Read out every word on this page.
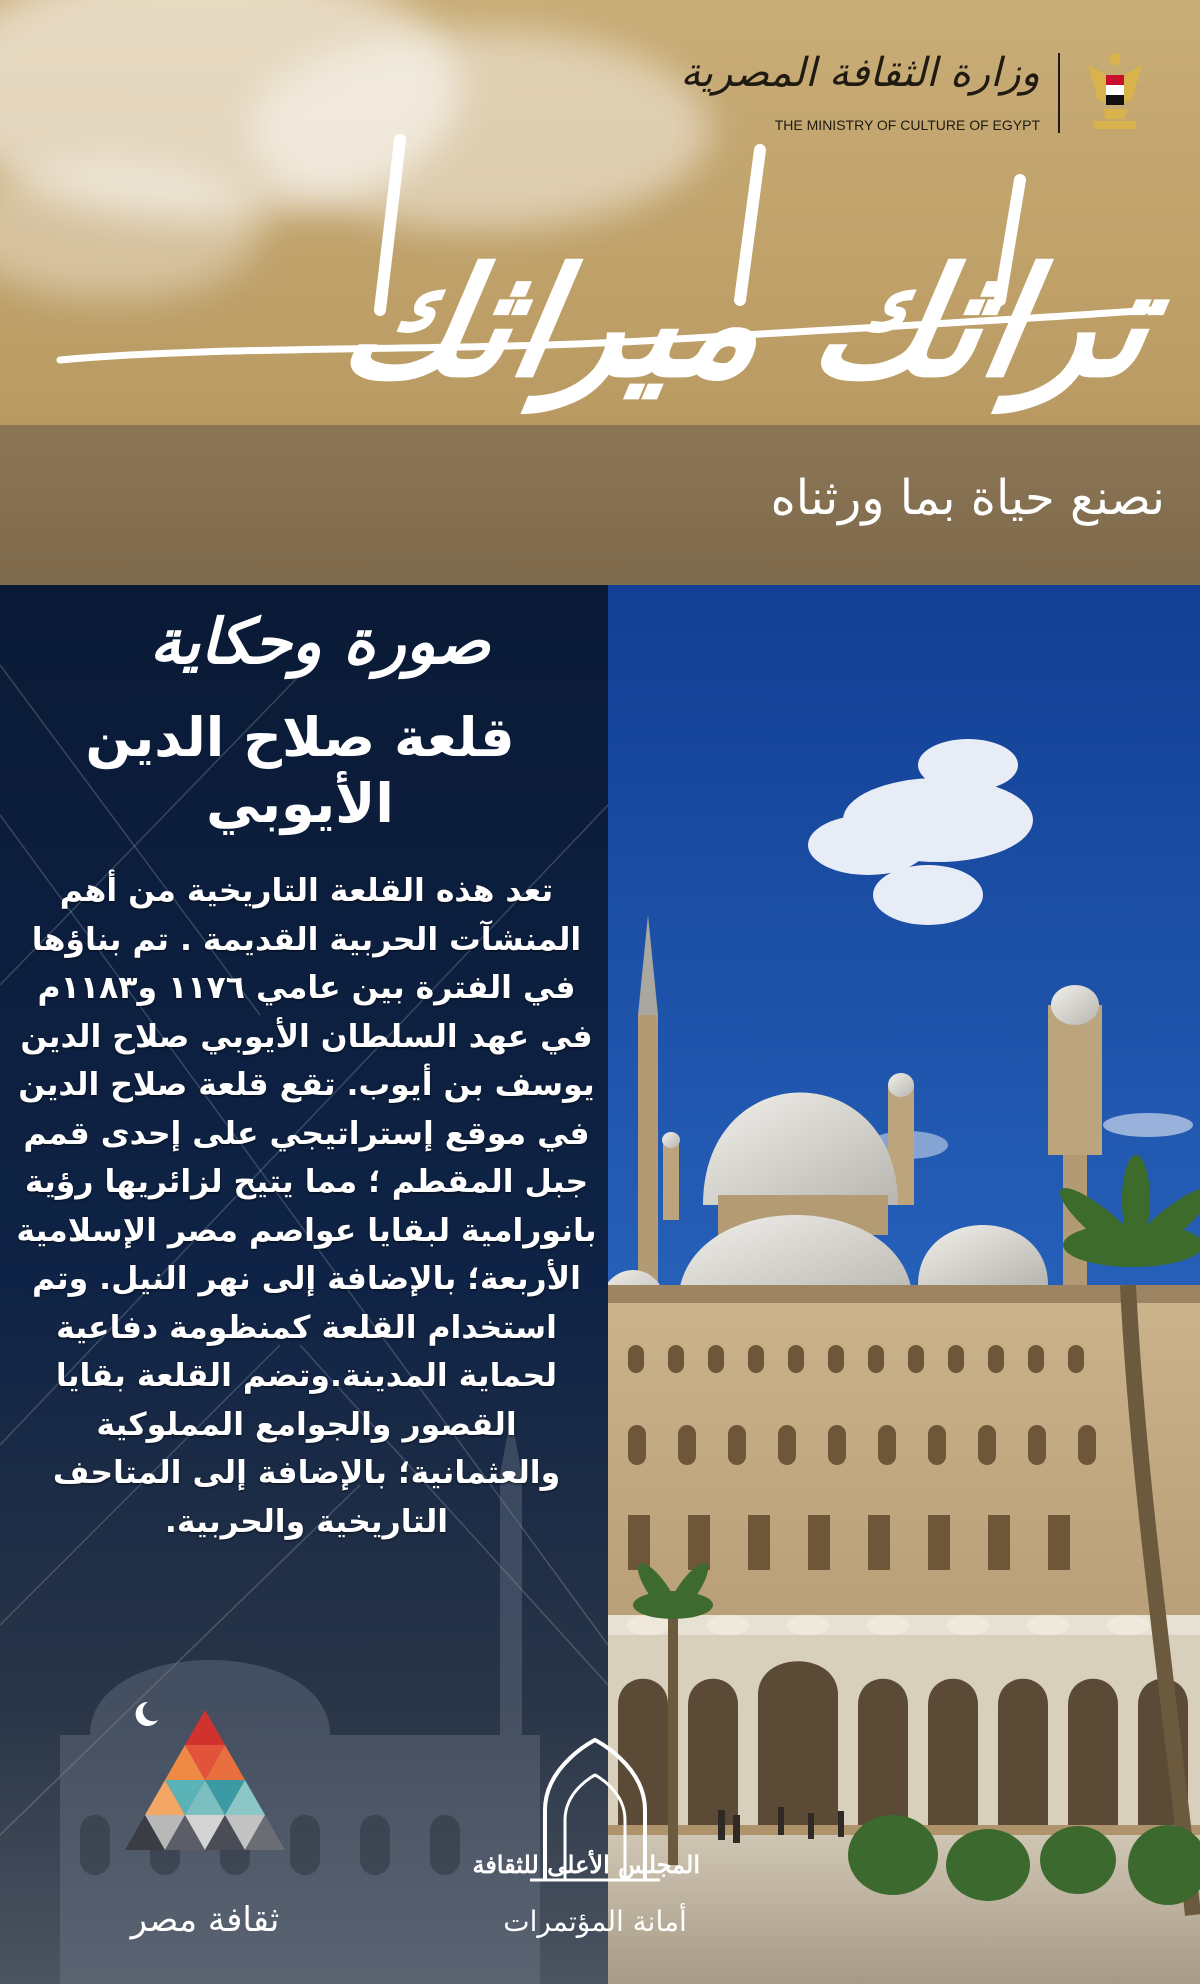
وزارة الثقافة المصرية
THE MINISTRY OF CULTURE OF EGYPT
تراثك ميراثك
نصنع حياة بما ورثناه
صورة وحكاية
قلعة صلاح الدين الأيوبي
تعد هذه القلعة التاريخية من أهم المنشآت الحربية القديمة . تم بناؤها في الفترة بين عامي ١١٧٦ و١١٨٣م في عهد السلطان الأيوبي صلاح الدين يوسف بن أيوب. تقع قلعة صلاح الدين في موقع إستراتيجي على إحدى قمم جبل المقطم ؛ مما يتيح لزائريها رؤية بانورامية لبقايا عواصم مصر الإسلامية الأربعة؛ بالإضافة إلى نهر النيل. وتم استخدام القلعة كمنظومة دفاعية لحماية المدينة.وتضم القلعة بقايا القصور والجوامع المملوكية والعثمانية؛ بالإضافة إلى المتاحف التاريخية والحربية.
ثقافة مصر
المجلس الأعلى للثقافة
أمانة المؤتمرات
